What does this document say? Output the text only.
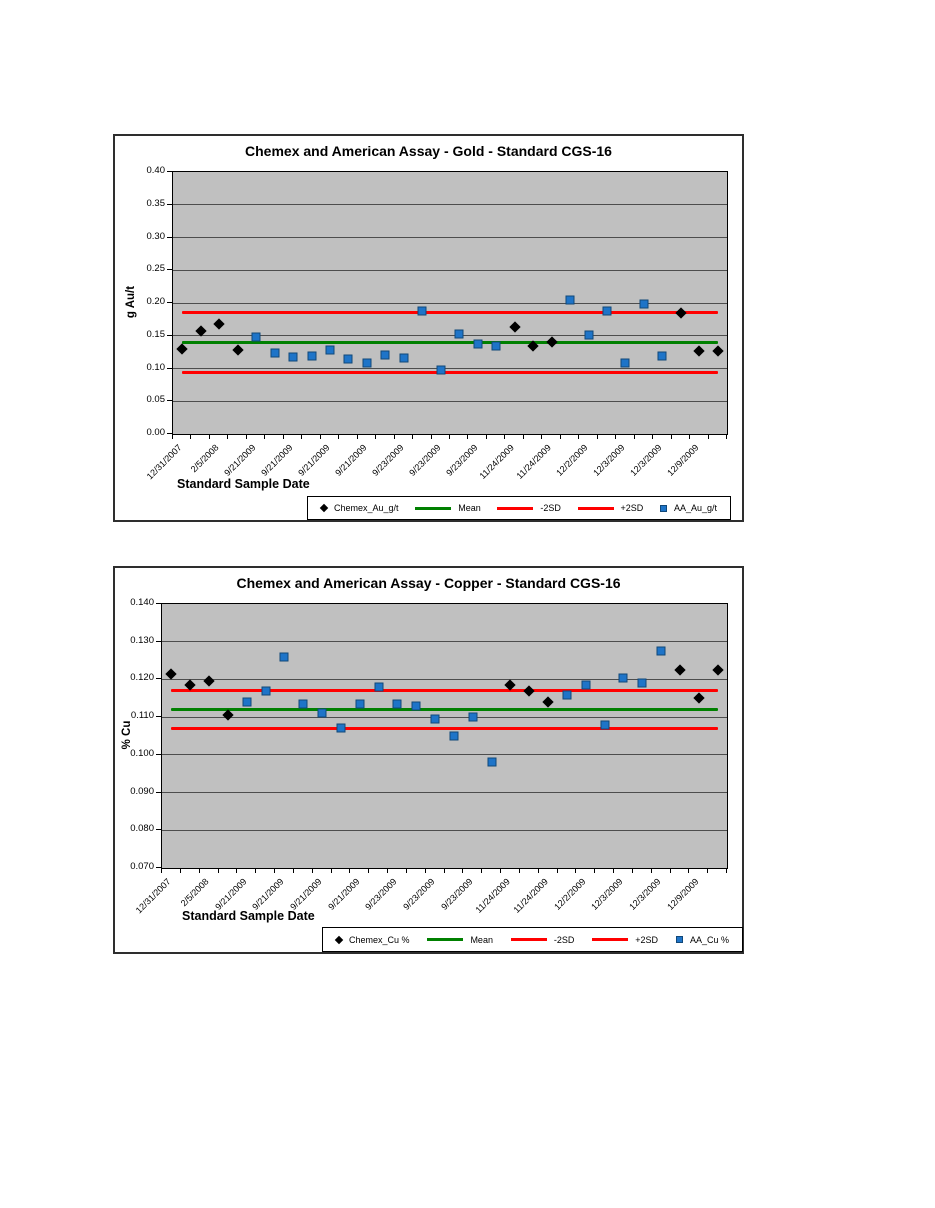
Chemex and American Assay - Gold - Standard CGS-16
g Au/t
Standard Sample Date
Chemex_Au_g/t	Mean	-2SD	+2SD	AA_Au_g/t
0.40
0.35
0.30
0.25
0.20
0.15
0.10
0.05
0.00
12/31/2007 2/5/2008 9/21/2009 9/21/2009 9/21/2009 9/21/2009 9/23/2009 9/23/2009 9/23/2009
11/24/2009
11/24/2009 12/2/2009 12/3/2009 12/3/2009 12/9/2009
Chemex and American Assay - Copper - Standard CGS-16
% Cu
Standard Sample Date
Chemex_Cu %	Mean	-2SD	+2SD	AA_Cu %
0.140
0.130
0.120
0.110
0.100
0.090
0.080
0.070
12/31/2007 2/5/2008 9/21/2009 9/21/2009 9/21/2009 9/21/2009 9/23/2009 9/23/2009 9/23/2009 11/24/2009 11/24/2009 12/2/2009 12/3/2009 12/3/2009 12/9/2009
